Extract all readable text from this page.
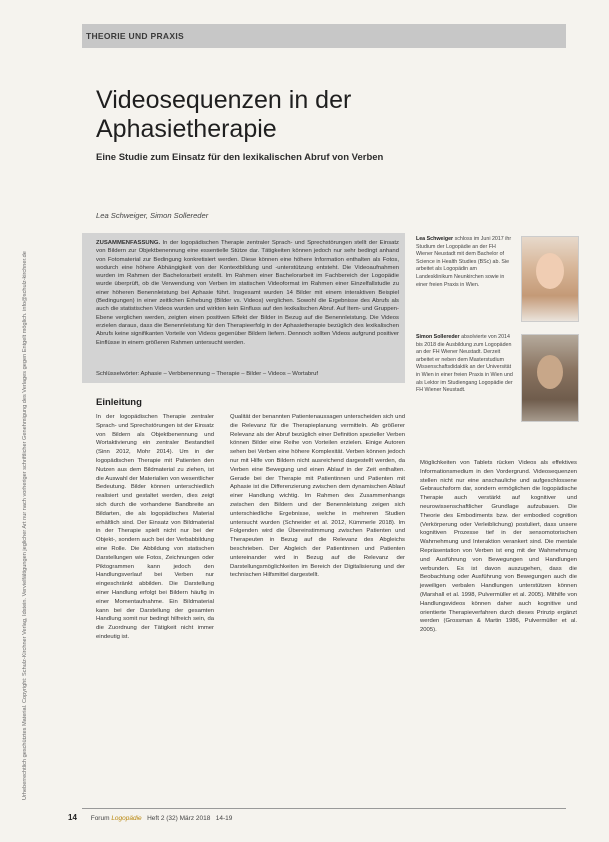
Urheberrechtlich geschütztes Material. Copyright: Schulz-Kirchner Verlag, Idstein. Vervielfältigungen jeglicher Art nur nach vorheriger schriftlicher Genehmigung des Verlages gegen Entgelt möglich. info@schulz-kirchner.de
THEORIE UND PRAXIS
Videosequenzen in der
Aphasietherapie
Eine Studie zum Einsatz für den lexikalischen Abruf von Verben
Lea Schweiger, Simon Sollereder
ZUSAMMENFASSUNG. In der logopädischen Therapie zentraler Sprach- und Sprechstörungen stellt der Einsatz von Bildern zur Objektbenennung eine essentielle Stütze dar. Tätigkeiten können jedoch nur sehr bedingt anhand von Fotomaterial zur Bedingung konkretisiert werden. Diese können eine höhere Information enthalten als Fotos, wodurch eine höhere Abhängigkeit von der Kontextbildung und -unterstützung entsteht. Die Videoaufnahmen wurden im Rahmen der Bachelorarbeit erstellt. Im Rahmen einer Bachelorarbeit im Fachbereich der Logopädie wurde überprüft, ob die Verwendung von Verben im statischen Videoformat im Rahmen einer Einzelfallstudie zu einer höheren Benennleistung bei Aphasie führt. Insgesamt wurden 14 Bilder mit einem interaktiven Beispiel (Bedingungen) in einer zeitlichen Erhebung (Bilder vs. Videos) verglichen. Sowohl die Ergebnisse des Abrufs als auch die statistischen Videos wurden und wirkten kein Einfluss auf den lexikalischen Abruf. Auf Item- und Gruppen-Ebene verglichen werden, zeigten einen positiven Effekt der Bilder in Bezug auf die Benennleistung. Die Videos erzielen daraus, dass die Benennleistung für den Therapieerfolg in der Aphasietherapie bezüglich des lexikalischen Abrufs keine signifikanten Vorteile von Videos gegenüber Bildern liefern. Dennoch sollten Videos aufgrund positiver Einflüsse in einem größeren Rahmen untersucht werden.
Schlüsselwörter: Aphasie – Verbbenennung – Therapie – Bilder – Videos – Wortabruf
Lea Schweiger schloss im Juni 2017 ihr Studium der Logopädie an der FH Wiener Neustadt mit dem Bachelor of Science in Health Studies (BSc) ab. Sie arbeitet als Logopädin am Landesklinikum Neunkirchen sowie in einer freien Praxis in Wien.
Simon Sollereder absolvierte von 2014 bis 2018 die Ausbildung zum Logopäden an der FH Wiener Neustadt. Derzeit arbeitet er neben dem Masterstudium Wissenschaftsdidaktik an der Universität in Wien in einer freien Praxis in Wien und als Lektor im Studiengang Logopädie der FH Wiener Neustadt.
Einleitung
In der logopädischen Therapie zentraler Sprach- und Sprechstörungen ist der Einsatz von Bildern als Objektbenennung und Wortaktivierung ein zentraler Bestandteil (Sinn 2012, Mohr 2014). Um in der logopädischen Therapie mit Patienten den Nutzen aus dem Bildmaterial zu ziehen, ist die Auswahl der Materialien von wesentlicher Bedeutung. Bilder können unterschiedlich realisiert und gestaltet werden, dies zeigt sich durch die vorhandene Bandbreite an Bildarten, die als logopädisches Material erhältlich sind. Der Einsatz von Bildmaterial in der Therapie spielt nicht nur bei der Objekt-, sondern auch bei der Verbabbildung eine Rolle. Die Abbildung von statischen Darstellungen wie Fotos, Zeichnungen oder Piktogrammen kann jedoch den Handlungsverlauf bei Verben nur eingeschränkt abbilden. Die Darstellung einer Handlung erfolgt bei Bildern häufig in einer Momentaufnahme. Ein Bildmaterial kann bei der Darstellung der gesamten Handlung somit nur bedingt hilfreich sein, da die Zuordnung der Tätigkeit nicht immer eindeutig ist.
Qualität der benannten Patientenaussagen unterscheiden sich und die Relevanz für die Therapieplanung vermitteln. Ab größerer Relevanz als der Abruf bezüglich einer Definition spezieller Verben können Bilder eine Reihe von Vorteilen erzielen. Einige Autoren sehen bei Verben eine höhere Komplexität. Verben können jedoch nur mit Hilfe von Bildern nicht ausreichend dargestellt werden, da Verben eine Bewegung und einen Ablauf in der Zeit enthalten. Gerade bei der Therapie mit Patientinnen und Patienten mit Aphasie ist die Differenzierung zwischen dem dynamischen Ablauf einer Handlung wichtig. Im Rahmen des Zusammenhangs zwischen den Bildern und der Benennleistung zeigen sich unterschiedliche Ergebnisse, welche in mehreren Studien untersucht wurden (Schneider et al. 2012, Kümmerle 2018). Im Folgenden wird die Übereinstimmung zwischen Patienten und Therapeuten in Bezug auf die Relevanz des Abgleichs beschrieben. Der Abgleich der Patientinnen und Patienten untereinander wird in Bezug auf die Relevanz der Darstellungsmöglichkeiten im Bereich der Digitalisierung und der technischen Hilfsmittel dargestellt.
Möglichkeiten von Tablets rücken Videos als effektives Informationsmedium in den Vordergrund. Videosequenzen stellen nicht nur eine anschauliche und aufgeschlossene Gebrauchsform dar, sondern ermöglichen die logopädische Therapie auch verstärkt auf kognitiver und neurowissenschaftlicher Grundlage aufzubauen. Die Theorie des Embodiments bzw. der embodied cognition (Verkörperung oder Verleiblichung) postuliert, dass unsere kognitiven Prozesse tief in der sensomotorischen Wahrnehmung und Interaktion verankert sind. Die mentale Repräsentation von Verben ist eng mit der Wahrnehmung und Ausführung von Bewegungen und Handlungen verbunden. Es ist davon auszugehen, dass die Beobachtung oder Ausführung von Bewegungen auch die jeweiligen verbalen Handlungen unterstützen können (Marshall et al. 1998, Pulvermüller et al. 2005). Mithilfe von Handlungsvideos können daher auch kognitive und orientierte Therapieverfahren durch dieses Prinzip ergänzt werden (Grossman & Martin 1986, Pulvermüller et al. 2005).
14 Forum Logopädie Heft 2 (32) März 2018 14-19
